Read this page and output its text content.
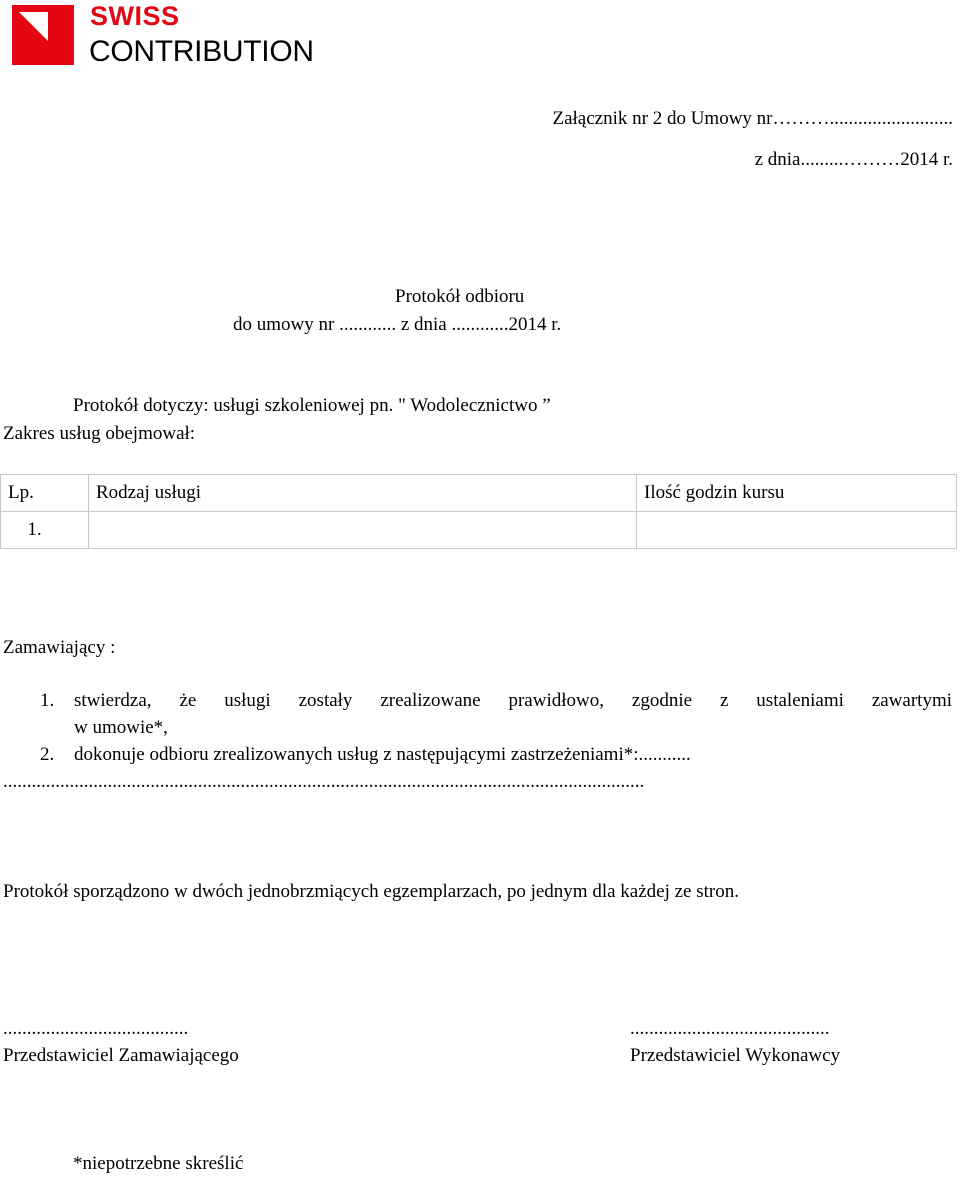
SWISS
CONTRIBUTION
Załącznik nr 2 do Umowy nr………..........................
z dnia.........………2014 r.
Protokół odbioru
do umowy nr ............ z dnia ............2014 r.
Protokół dotyczy: usługi szkoleniowej pn. " Wodolecznictwo ”
Zakres usług obejmował:
Lp.	Rodzaj usługi	Ilość godzin kursu
1.		
Zamawiający :
1. stwierdza, że usługi zostały zrealizowane prawidłowo, zgodnie z ustaleniami zawartymi
w umowie*,
2. dokonuje odbioru zrealizowanych usług z następującymi zastrzeżeniami*:...........
.......................................................................................................................................
Protokół sporządzono w dwóch jednobrzmiących egzemplarzach, po jednym dla każdej ze stron.
.......................................
Przedstawiciel Zamawiającego
..........................................
Przedstawiciel Wykonawcy
*niepotrzebne skreślić
